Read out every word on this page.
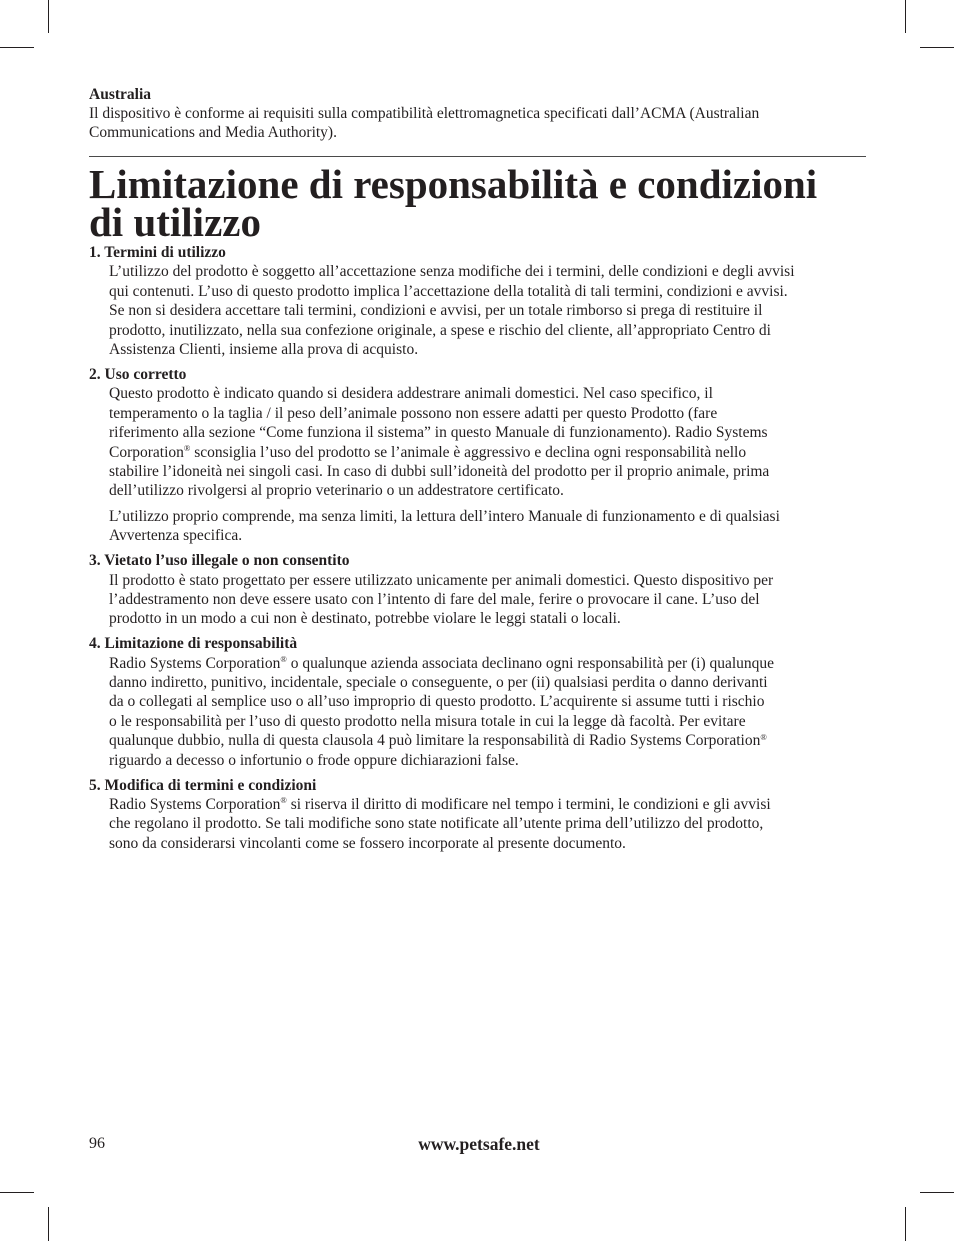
Australia
Il dispositivo è conforme ai requisiti sulla compatibilità elettromagnetica specificati dall’ACMA (Australian
Communications and Media Authority).
Limitazione di responsabilità e condizioni
di utilizzo
1. Termini di utilizzo
L’utilizzo del prodotto è soggetto all’accettazione senza modifiche dei i termini, delle condizioni e degli avvisi
qui contenuti. L’uso di questo prodotto implica l’accettazione della totalità di tali termini, condizioni e avvisi.
Se non si desidera accettare tali termini, condizioni e avvisi, per un totale rimborso si prega di restituire il
prodotto, inutilizzato, nella sua confezione originale, a spese e rischio del cliente, all’appropriato Centro di
Assistenza Clienti, insieme alla prova di acquisto.
2. Uso corretto
Questo prodotto è indicato quando si desidera addestrare animali domestici. Nel caso specifico, il
temperamento o la taglia / il peso dell’animale possono non essere adatti per questo Prodotto (fare
riferimento alla sezione “Come funziona il sistema” in questo Manuale di funzionamento). Radio Systems
Corporation® sconsiglia l’uso del prodotto se l’animale è aggressivo e declina ogni responsabilità nello
stabilire l’idoneità nei singoli casi. In caso di dubbi sull’idoneità del prodotto per il proprio animale, prima
dell’utilizzo rivolgersi al proprio veterinario o un addestratore certificato.
L’utilizzo proprio comprende, ma senza limiti, la lettura dell’intero Manuale di funzionamento e di qualsiasi
Avvertenza specifica.
3. Vietato l’uso illegale o non consentito
Il prodotto è stato progettato per essere utilizzato unicamente per animali domestici. Questo dispositivo per
l’addestramento non deve essere usato con l’intento di fare del male, ferire o provocare il cane. L’uso del
prodotto in un modo a cui non è destinato, potrebbe violare le leggi statali o locali.
4. Limitazione di responsabilità
Radio Systems Corporation® o qualunque azienda associata declinano ogni responsabilità per (i) qualunque
danno indiretto, punitivo, incidentale, speciale o conseguente, o per (ii) qualsiasi perdita o danno derivanti
da o collegati al semplice uso o all’uso improprio di questo prodotto. L’acquirente si assume tutti i rischio
o le responsabilità per l’uso di questo prodotto nella misura totale in cui la legge dà facoltà. Per evitare
qualunque dubbio, nulla di questa clausola 4 può limitare la responsabilità di Radio Systems Corporation®
riguardo a decesso o infortunio o frode oppure dichiarazioni false.
5. Modifica di termini e condizioni
Radio Systems Corporation® si riserva il diritto di modificare nel tempo i termini, le condizioni e gli avvisi
che regolano il prodotto. Se tali modifiche sono state notificate all’utente prima dell’utilizzo del prodotto,
sono da considerarsi vincolanti come se fossero incorporate al presente documento.
96	www.petsafe.net
